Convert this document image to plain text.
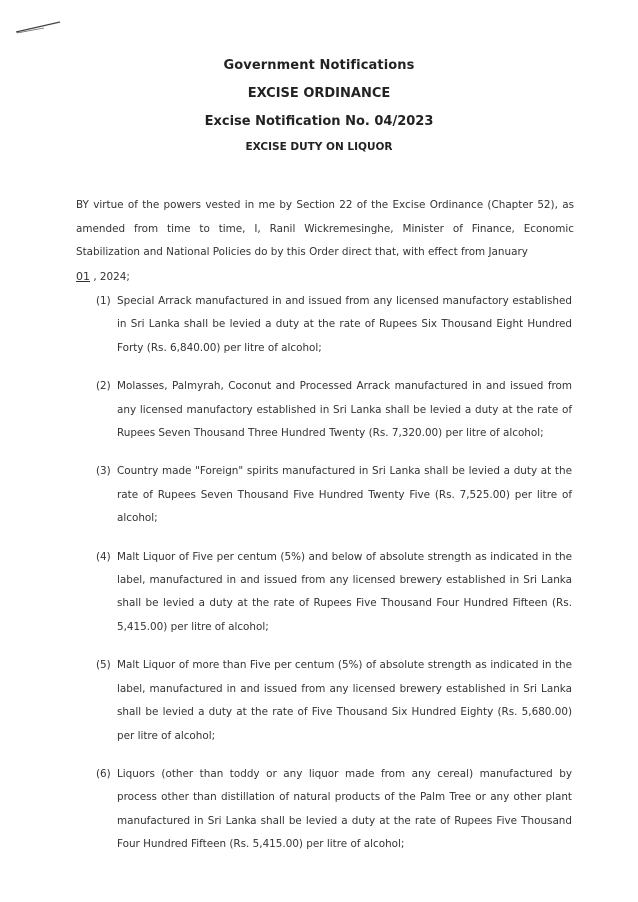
Government Notifications
EXCISE ORDINANCE
Excise Notification No. 04/2023
EXCISE DUTY ON LIQUOR
BY virtue of the powers vested in me by Section 22 of the Excise Ordinance (Chapter 52), as amended from time to time, I, Ranil Wickremesinghe, Minister of Finance, Economic Stabilization and National Policies do by this Order direct that, with effect from January
01 , 2024;
(1) Special Arrack manufactured in and issued from any licensed manufactory established in Sri Lanka shall be levied a duty at the rate of Rupees Six Thousand Eight Hundred Forty (Rs. 6,840.00) per litre of alcohol;
(2) Molasses, Palmyrah, Coconut and Processed Arrack manufactured in and issued from any licensed manufactory established in Sri Lanka shall be levied a duty at the rate of Rupees Seven Thousand Three Hundred Twenty (Rs. 7,320.00) per litre of alcohol;
(3) Country made "Foreign" spirits manufactured in Sri Lanka shall be levied a duty at the rate of Rupees Seven Thousand Five Hundred Twenty Five (Rs. 7,525.00) per litre of alcohol;
(4) Malt Liquor of Five per centum (5%) and below of absolute strength as indicated in the label, manufactured in and issued from any licensed brewery established in Sri Lanka shall be levied a duty at the rate of Rupees Five Thousand Four Hundred Fifteen (Rs. 5,415.00) per litre of alcohol;
(5) Malt Liquor of more than Five per centum (5%) of absolute strength as indicated in the label, manufactured in and issued from any licensed brewery established in Sri Lanka shall be levied a duty at the rate of Five Thousand Six Hundred Eighty (Rs. 5,680.00) per litre of alcohol;
(6) Liquors (other than toddy or any liquor made from any cereal) manufactured by process other than distillation of natural products of the Palm Tree or any other plant manufactured in Sri Lanka shall be levied a duty at the rate of Rupees Five Thousand Four Hundred Fifteen (Rs. 5,415.00) per litre of alcohol;
